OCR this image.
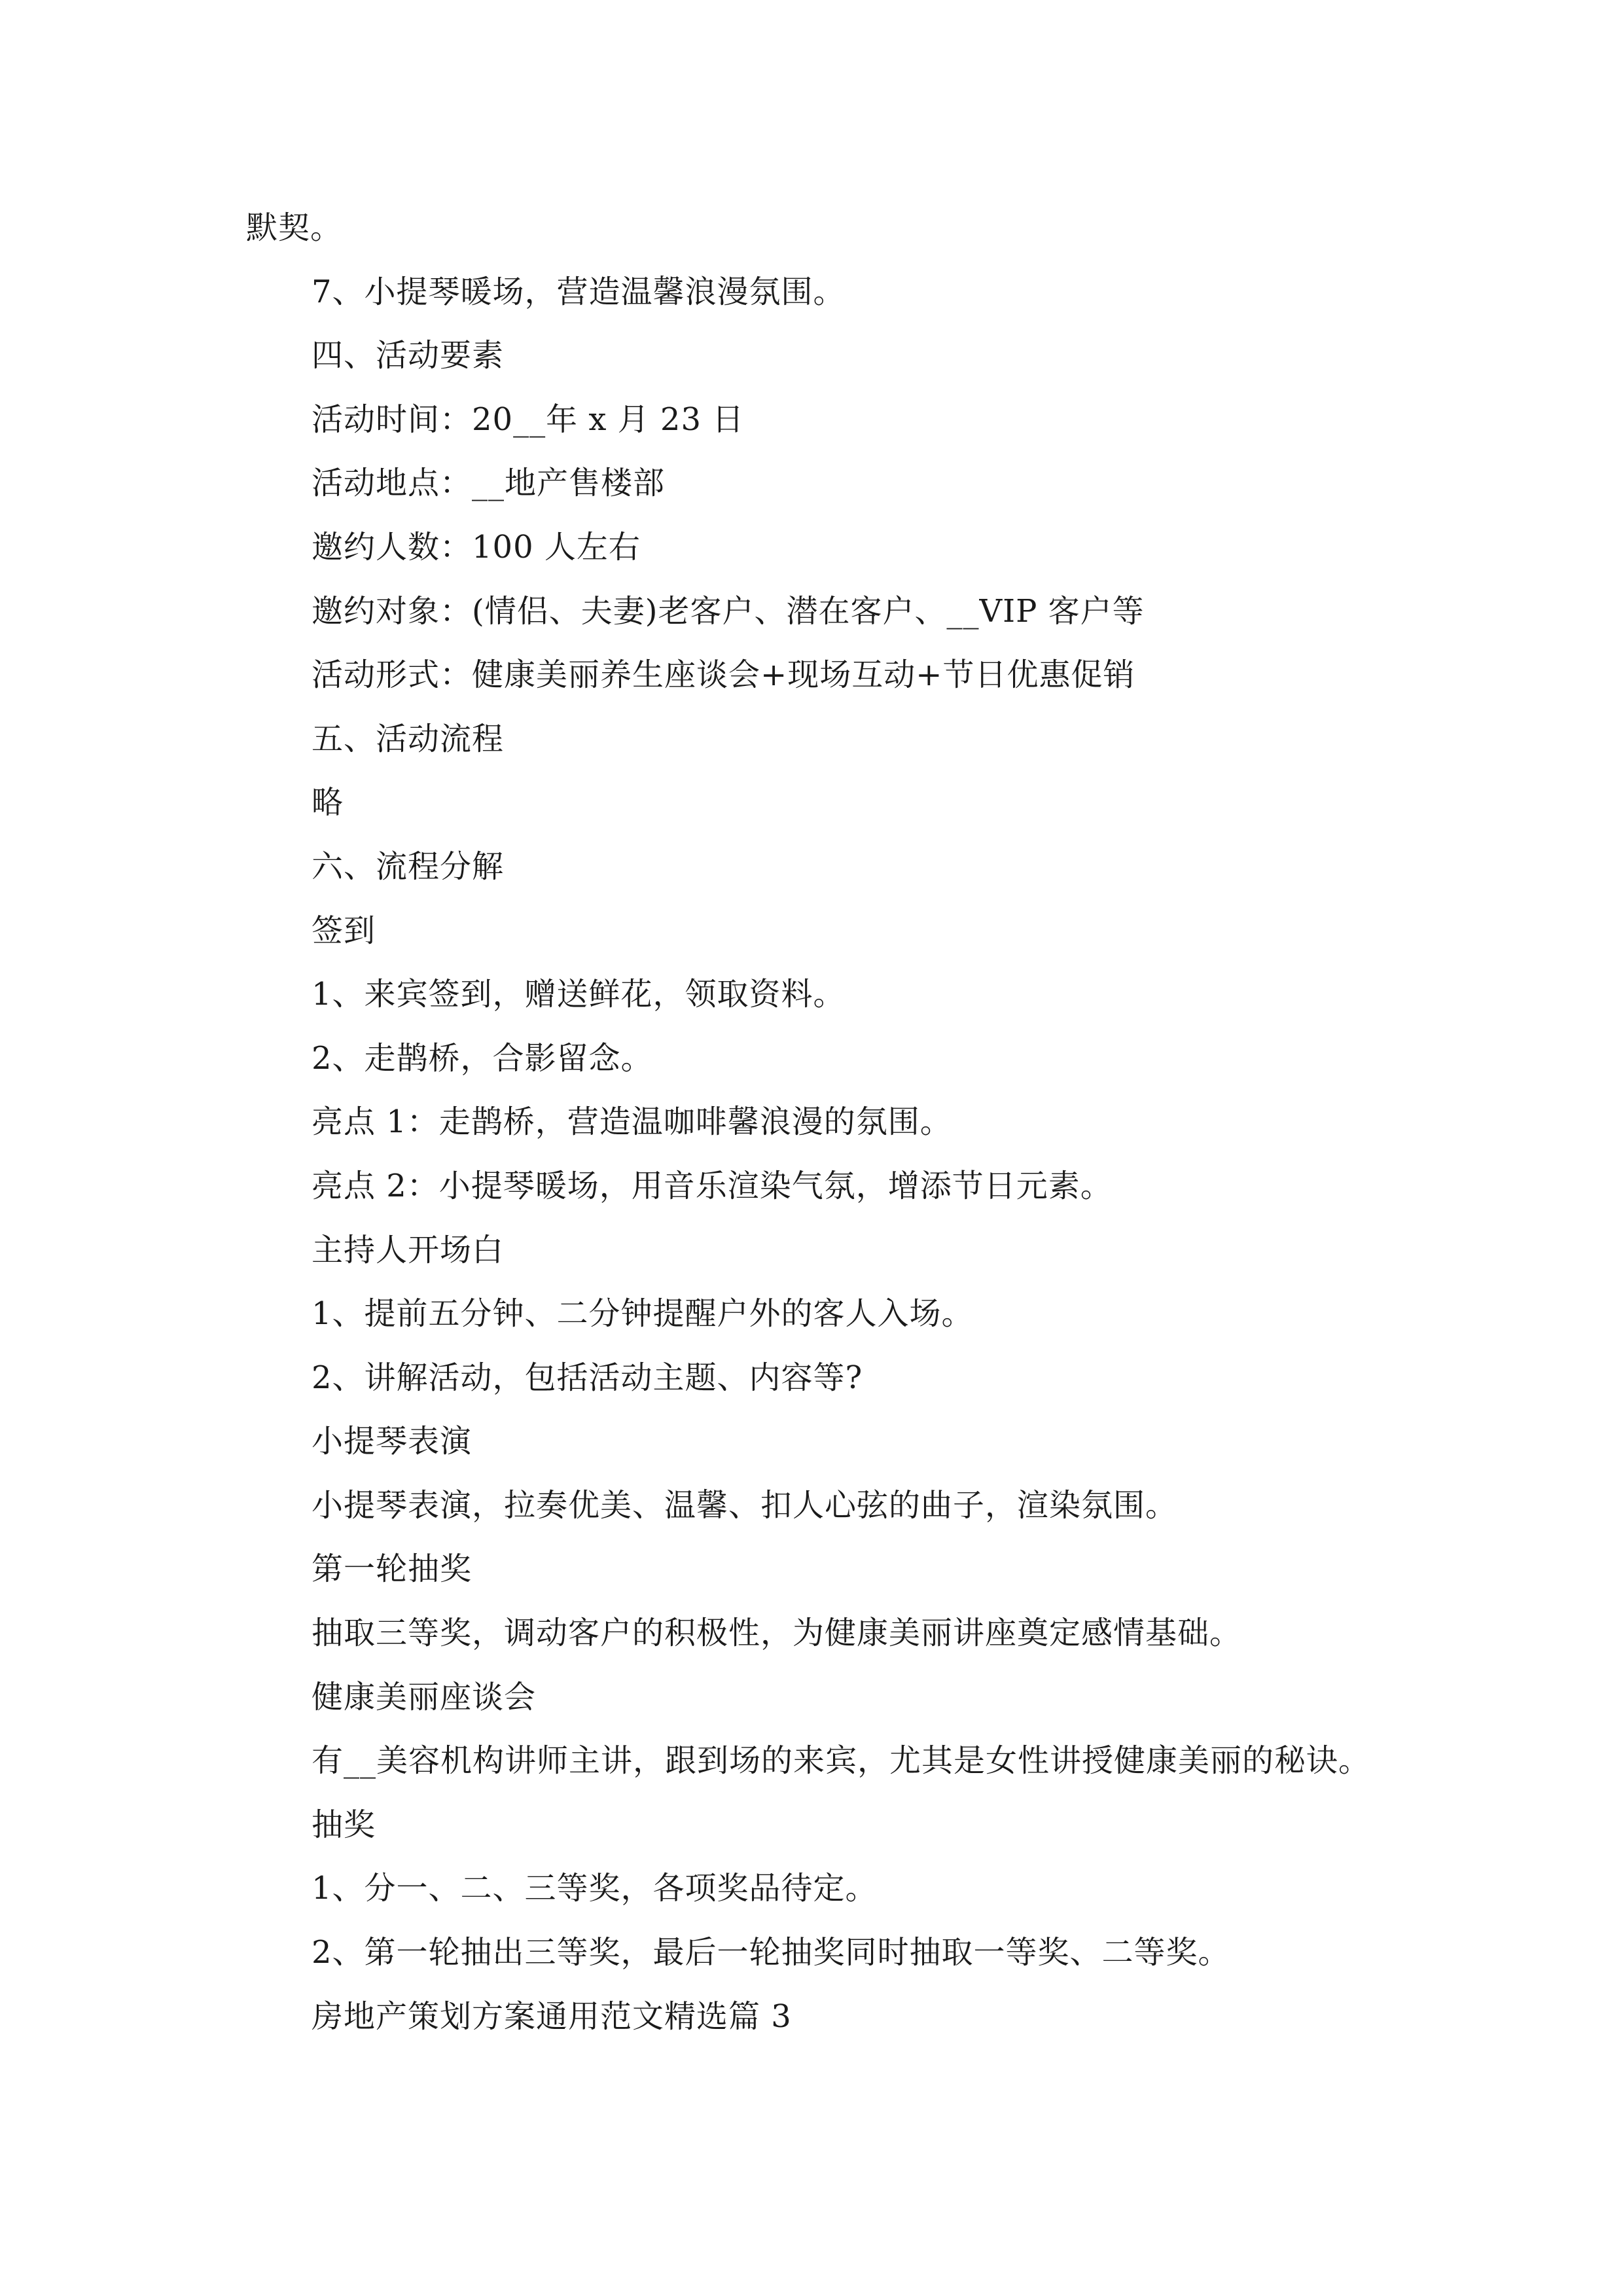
默契。
7、小提琴暖场，营造温馨浪漫氛围。
四、活动要素
活动时间：20__年 x 月 23 日
活动地点：__地产售楼部
邀约人数：100 人左右
邀约对象：(情侣、夫妻)老客户、潜在客户、__VIP 客户等
活动形式：健康美丽养生座谈会+现场互动+节日优惠促销
五、活动流程
略
六、流程分解
签到
1、来宾签到，赠送鲜花，领取资料。
2、走鹊桥，合影留念。
亮点 1：走鹊桥，营造温咖啡馨浪漫的氛围。
亮点 2：小提琴暖场，用音乐渲染气氛，增添节日元素。
主持人开场白
1、提前五分钟、二分钟提醒户外的客人入场。
2、讲解活动，包括活动主题、内容等?
小提琴表演
小提琴表演，拉奏优美、温馨、扣人心弦的曲子，渲染氛围。
第一轮抽奖
抽取三等奖，调动客户的积极性，为健康美丽讲座奠定感情基础。
健康美丽座谈会
有__美容机构讲师主讲，跟到场的来宾，尤其是女性讲授健康美丽的秘诀。
抽奖
1、分一、二、三等奖，各项奖品待定。
2、第一轮抽出三等奖，最后一轮抽奖同时抽取一等奖、二等奖。
房地产策划方案通用范文精选篇 3
